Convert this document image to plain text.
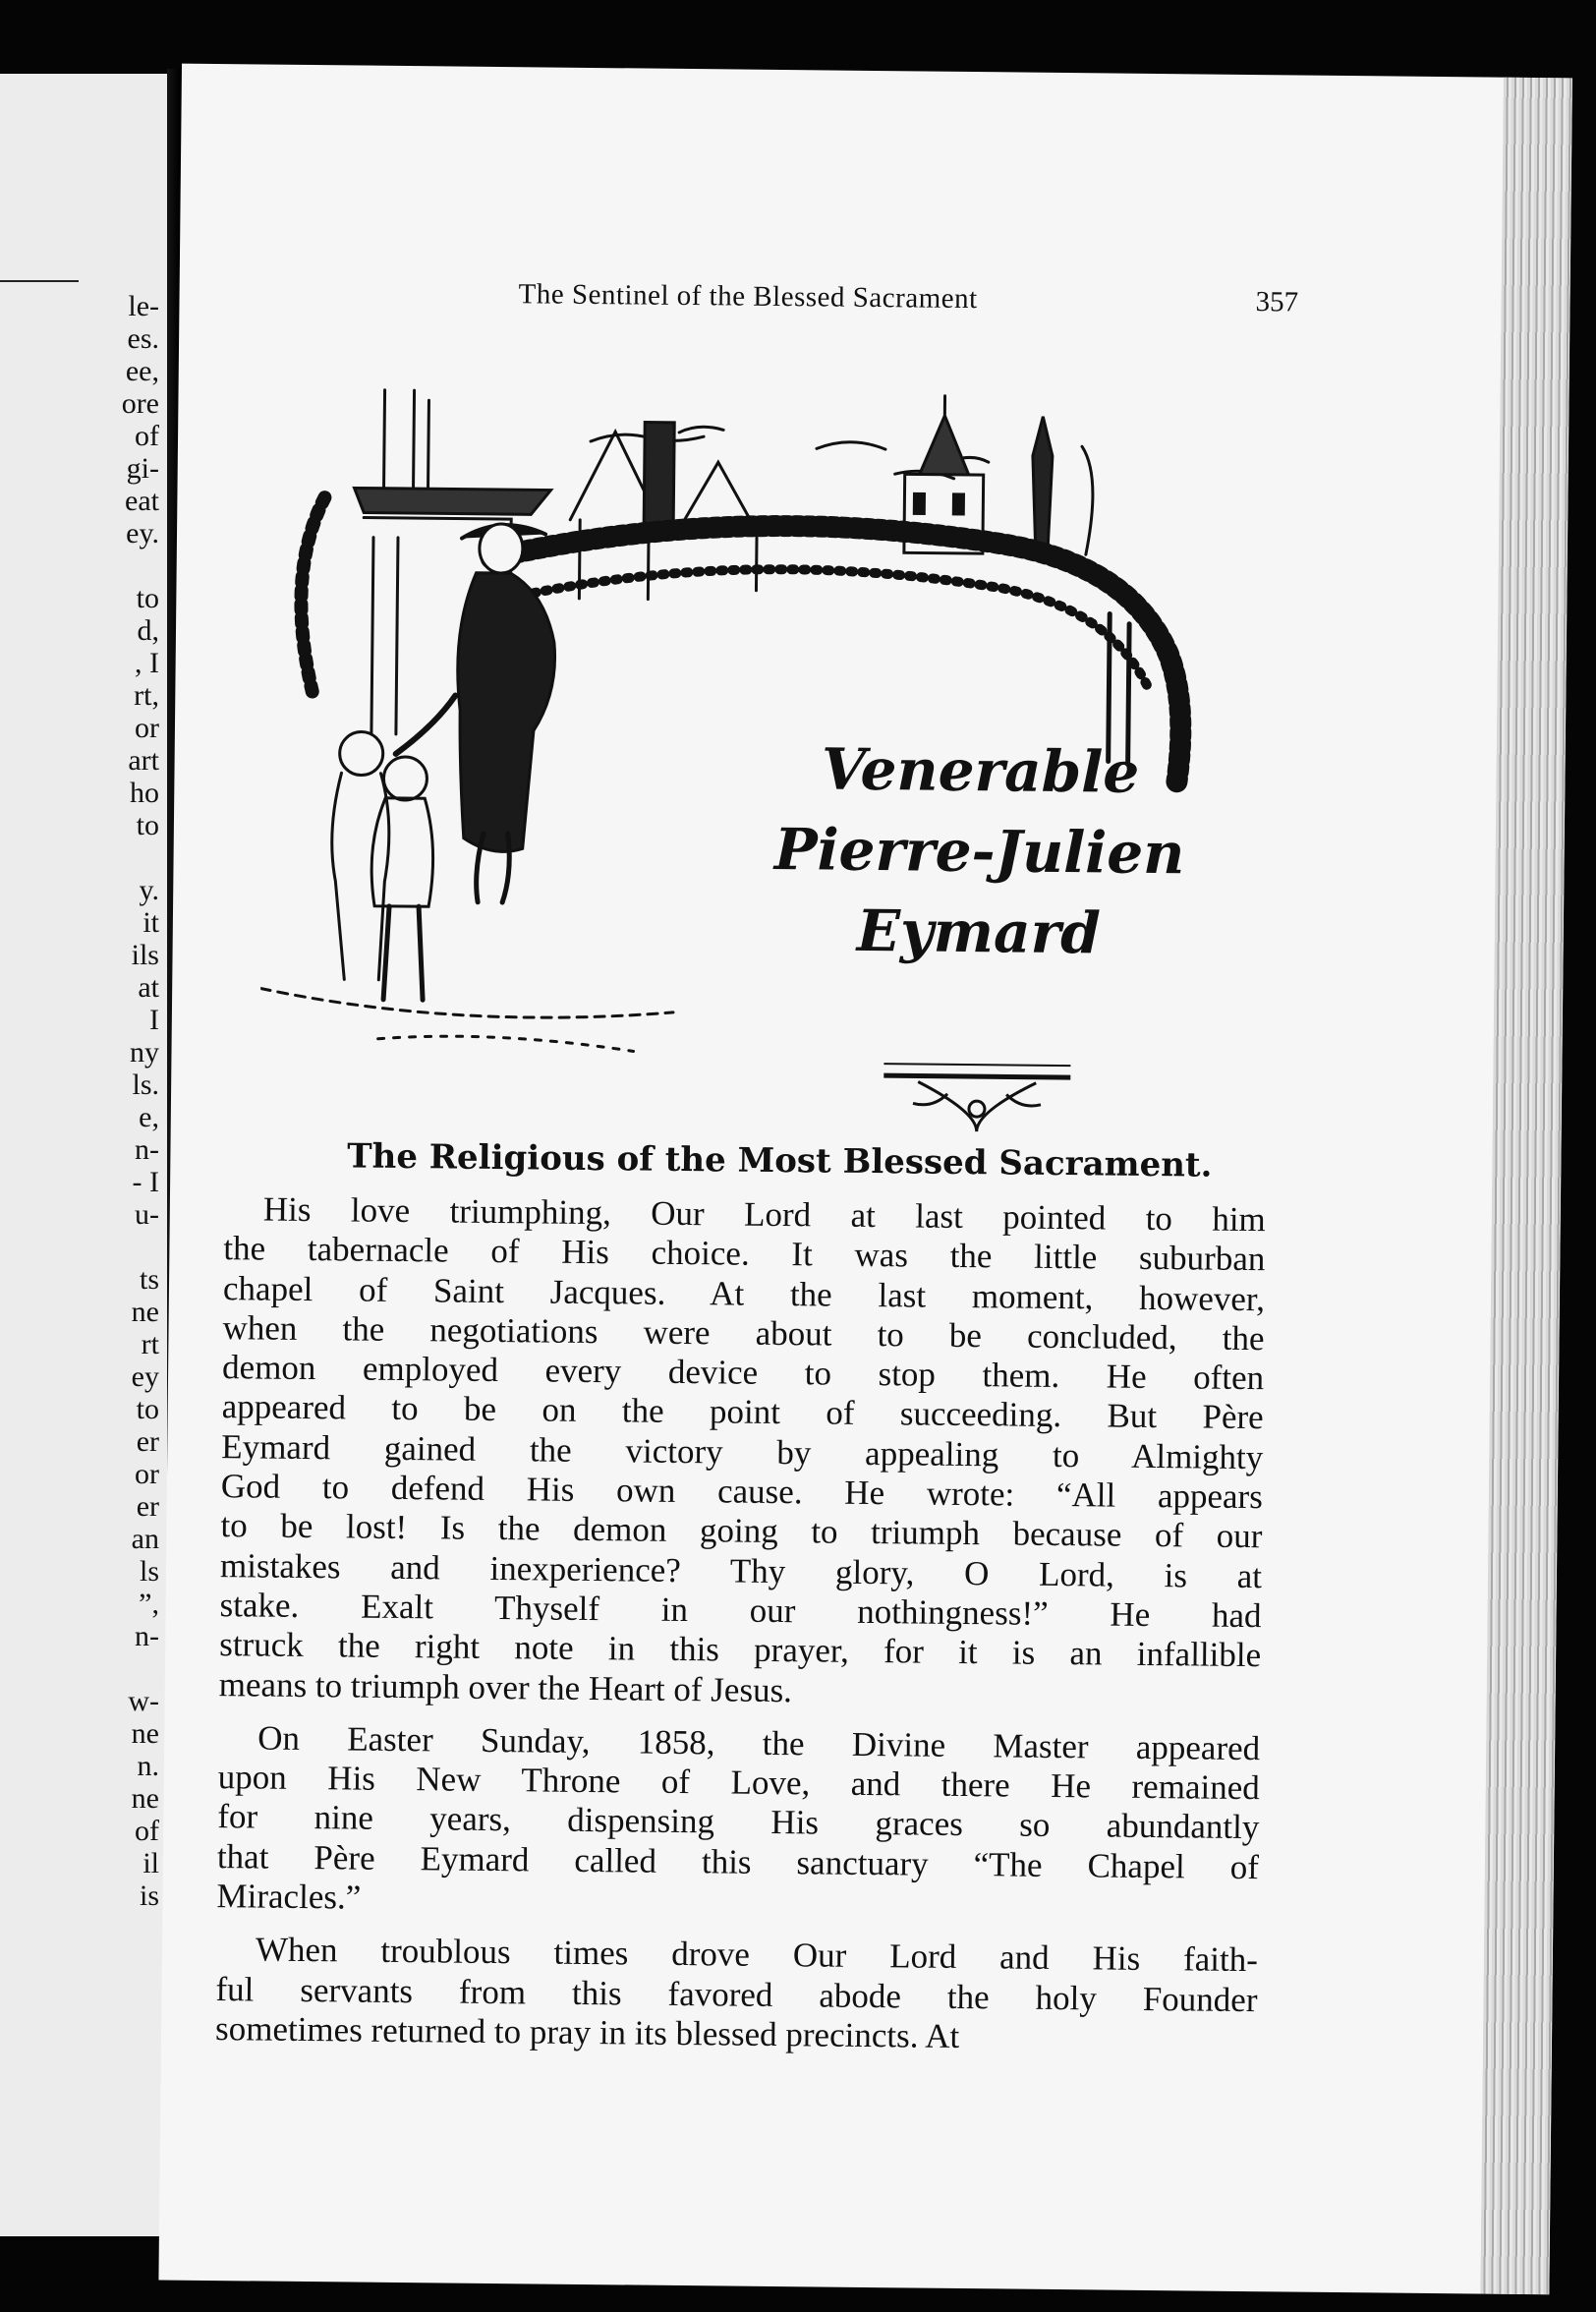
le-
es.
ee,
ore
of
gi-
eat
ey.
to
d,
, I
rt,
or
art
ho
to
y.
it
ils
at
I
ny
ls.
e,
n-
- I
u-
ts
ne
rt
ey
to
er
or
er
an
ls
”,
n-
w-
ne
n.
ne
of
il
is
The Sentinel of the Blessed Sacrament	357
Venerable
Pierre-Julien
Eymard
The Religious of the Most Blessed Sacrament.
His love triumphing, Our Lord at last pointed to him
the tabernacle of His choice. It was the little suburban
chapel of Saint Jacques. At the last moment, however,
when the negotiations were about to be concluded, the
demon employed every device to stop them. He often
appeared to be on the point of succeeding. But Père
Eymard gained the victory by appealing to Almighty
God to defend His own cause. He wrote: “All appears
to be lost! Is the demon going to triumph because of our
mistakes and inexperience? Thy glory, O Lord, is at
stake. Exalt Thyself in our nothingness!” He had
struck the right note in this prayer, for it is an infallible
means to triumph over the Heart of Jesus.
On Easter Sunday, 1858, the Divine Master appeared
upon His New Throne of Love, and there He remained
for nine years, dispensing His graces so abundantly
that Père Eymard called this sanctuary “The Chapel of
Miracles.”
When troublous times drove Our Lord and His faith-
ful servants from this favored abode the holy Founder
sometimes returned to pray in its blessed precincts. At
